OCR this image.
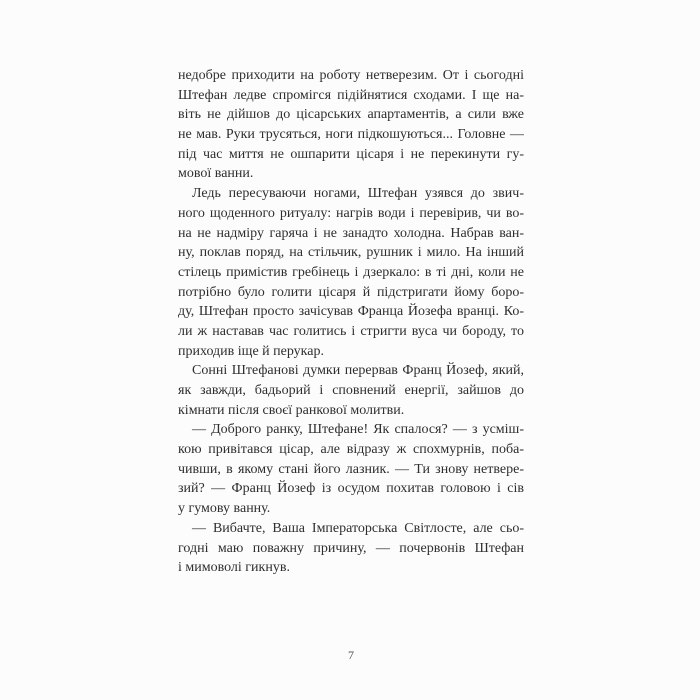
недобре приходити на роботу нетверезим. От і сьогодні
Штефан ледве спромігся підійнятися сходами. І ще на-
віть не дійшов до цісарських апартаментів, а сили вже
не мав. Руки трусяться, ноги підкошуються... Головне —
під час миття не ошпарити цісаря і не перекинути гу-
мової ванни.
Ледь пересуваючи ногами, Штефан узявся до звич-
ного щоденного ритуалу: нагрів води і перевірив, чи во-
на не надміру гаряча і не занадто холодна. Набрав ван-
ну, поклав поряд, на стільчик, рушник і мило. На інший
стілець примістив гребінець і дзеркало: в ті дні, коли не
потрібно було голити цісаря й підстригати йому боро-
ду, Штефан просто зачісував Франца Йозефа вранці. Ко-
ли ж наставав час голитись і стригти вуса чи бороду, то
приходив іще й перукар.
Сонні Штефанові думки перервав Франц Йозеф, який,
як завжди, бадьорий і сповнений енергії, зайшов до
кімнати після своєї ранкової молитви.
— Доброго ранку, Штефане! Як спалося? — з усміш-
кою привітався цісар, але відразу ж спохмурнів, поба-
чивши, в якому стані його лазник. — Ти знову нетвере-
зий? — Франц Йозеф із осудом похитав головою і сів
у гумову ванну.
— Вибачте, Ваша Імператорська Світлосте, але сьо-
годні маю поважну причину, — почервонів Штефан
і мимоволі гикнув.
7
